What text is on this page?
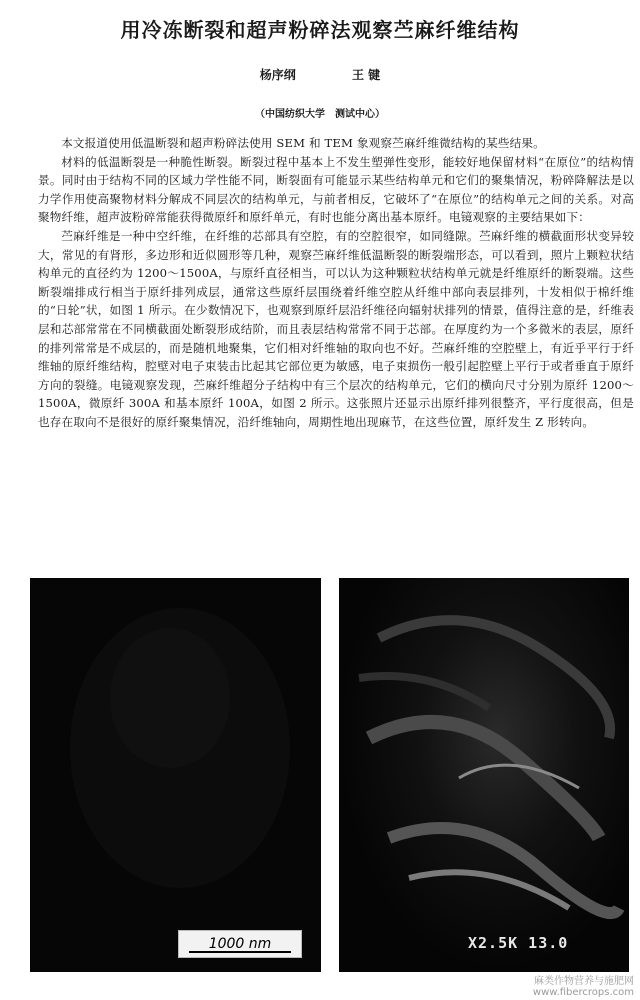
用冷冻断裂和超声粉碎法观察苎麻纤维结构
杨序纲	王 键
（中国纺织大学　测试中心）

本文报道使用低温断裂和超声粉碎法使用 SEM 和 TEM 象观察苎麻纤维微结构的某些结果。

材料的低温断裂是一种脆性断裂。断裂过程中基本上不发生塑弹性变形，能较好地保留材料“在原位”的结构情景。同时由于结构不同的区域力学性能不同，断裂面有可能显示某些结构单元和它们的聚集情况，粉碎降解法是以力学作用使高聚物材料分解成不同层次的结构单元，与前者相反，它破坏了“在原位”的结构单元之间的关系。对高聚物纤维，超声波粉碎常能获得微原纤和原纤单元，有时也能分离出基本原纤。电镜观察的主要结果如下：

苎麻纤维是一种中空纤维，在纤维的芯部具有空腔，有的空腔很窄，如同缝隙。苎麻纤维的横截面形状变异较大，常见的有肾形，多边形和近似圆形等几种，观察苎麻纤维低温断裂的断裂端形态，可以看到，照片上颗粒状结构单元的直径约为 1200～1500A，与原纤直径相当，可以认为这种颗粒状结构单元就是纤维原纤的断裂端。这些断裂端排成行相当于原纤排列成层，通常这些原纤层围绕着纤维空腔从纤维中部向表层排列，十发相似于棉纤维的“日轮”状，如图 1 所示。在少数情况下，也观察到原纤层沿纤维径向辐射状排列的情景，值得注意的是，纤维表层和芯部常常在不同横截面处断裂形成结阶，而且表层结构常常不同于芯部。在厚度约为一个多微米的表层，原纤的排列常常是不成层的，而是随机地聚集，它们相对纤维轴的取向也不好。苎麻纤维的空腔壁上，有近乎平行于纤维轴的原纤维结构，腔壁对电子束装击比起其它部位更为敏感，电子束损伤一般引起腔壁上平行于或者垂直于原纤方向的裂缝。电镜观察发现，苎麻纤维超分子结构中有三个层次的结构单元，它们的横向尺寸分别为原纤 1200～1500A，微原纤 300A 和基本原纤 100A，如图 2 所示。这张照片还显示出原纤排列很整齐，平行度很高，但是也存在取向不是很好的原纤聚集情况，沿纤维轴向，周期性地出现麻节，在这些位置，原纤发生 Z 形转向。

1000 nm	X2.5K 13.0
麻类作物营养与施肥网
www.fibercrops.com
